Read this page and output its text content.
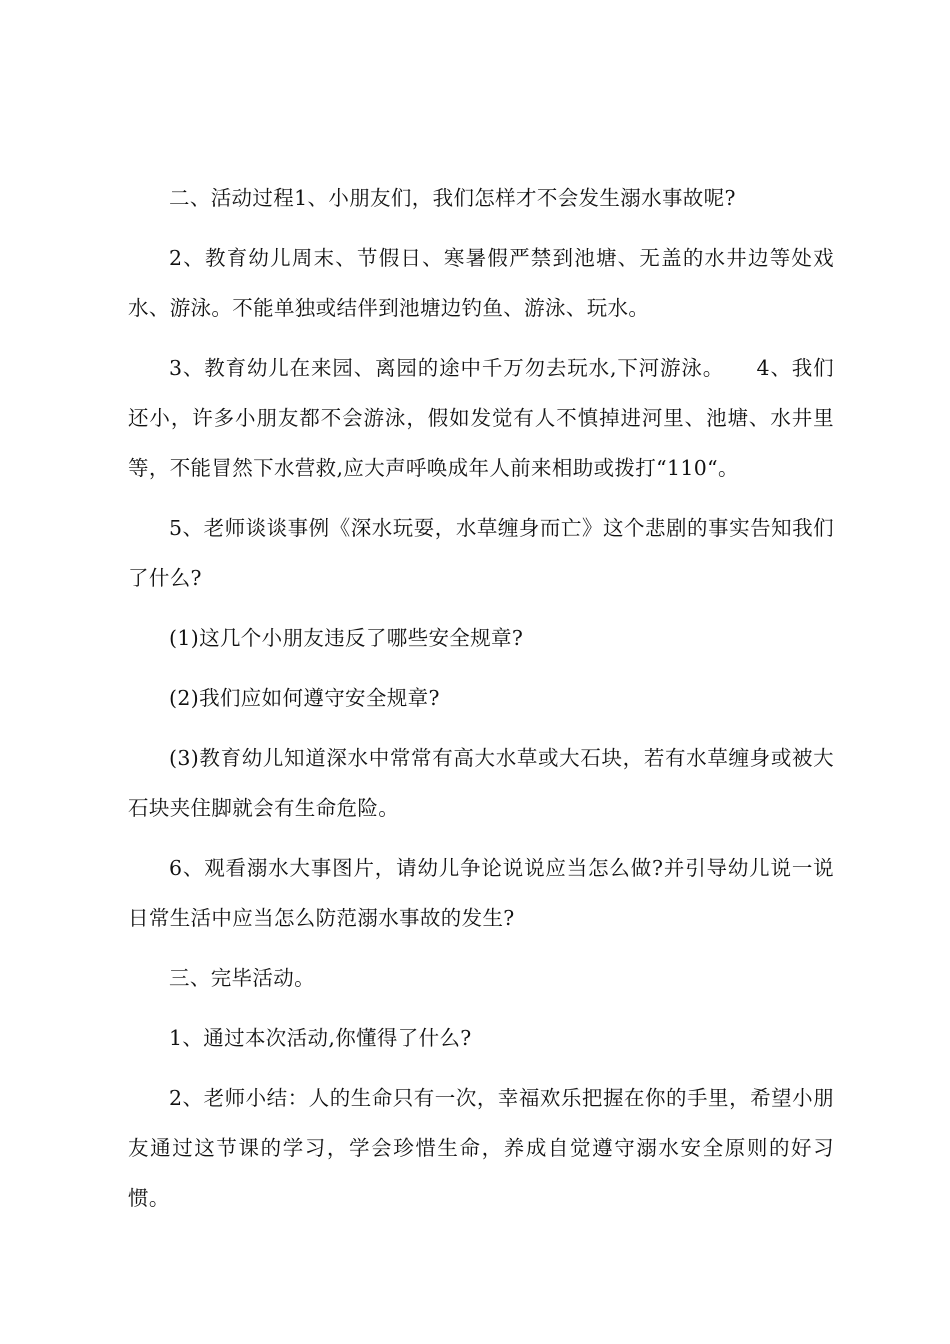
二、活动过程1、小朋友们，我们怎样才不会发生溺水事故呢?

2、教育幼儿周末、节假日、寒暑假严禁到池塘、无盖的水井边等处戏水、游泳。不能单独或结伴到池塘边钓鱼、游泳、玩水。

3、教育幼儿在来园、离园的途中千万勿去玩水,下河游泳。　　4、我们还小，许多小朋友都不会游泳，假如发觉有人不慎掉进河里、池塘、水井里等，不能冒然下水营救,应大声呼唤成年人前来相助或拨打“110“。

5、老师谈谈事例《深水玩耍，水草缠身而亡》这个悲剧的事实告知我们了什么?

(1)这几个小朋友违反了哪些安全规章?

(2)我们应如何遵守安全规章?

(3)教育幼儿知道深水中常常有高大水草或大石块，若有水草缠身或被大石块夹住脚就会有生命危险。

6、观看溺水大事图片，请幼儿争论说说应当怎么做?并引导幼儿说一说日常生活中应当怎么防范溺水事故的发生?

三、完毕活动。

1、通过本次活动,你懂得了什么?

2、老师小结：人的生命只有一次，幸福欢乐把握在你的手里，希望小朋友通过这节课的学习，学会珍惜生命，养成自觉遵守溺水安全原则的好习惯。
